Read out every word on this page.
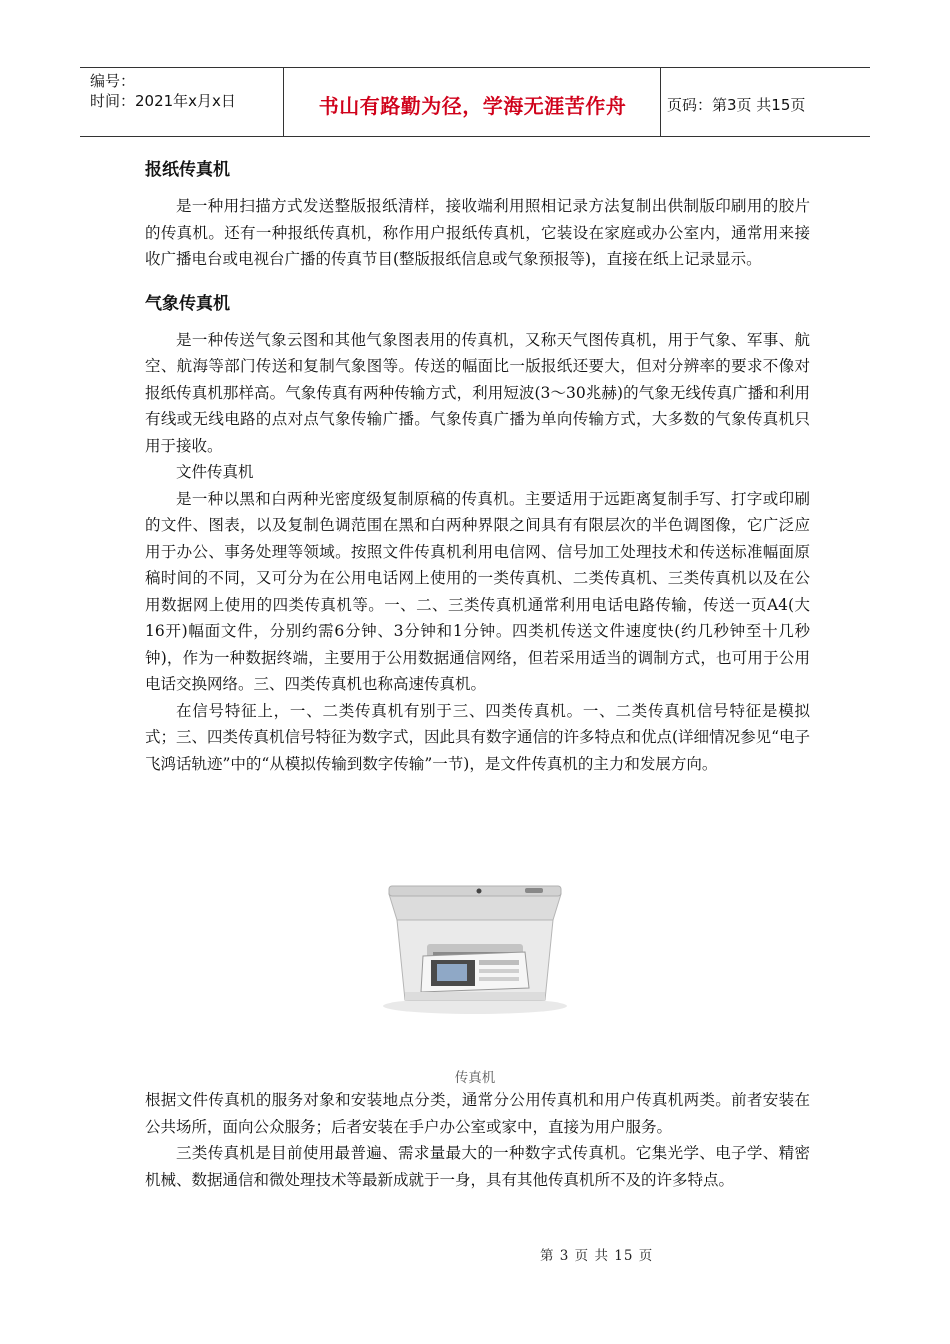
编号：
时间：2021年x月x日	书山有路勤为径，学海无涯苦作舟	页码：第3页 共15页
报纸传真机

是一种用扫描方式发送整版报纸清样，接收端利用照相记录方法复制出供制版印刷用的胶片的传真机。还有一种报纸传真机，称作用户报纸传真机，它装设在家庭或办公室内，通常用来接收广播电台或电视台广播的传真节目(整版报纸信息或气象预报等)，直接在纸上记录显示。

气象传真机

是一种传送气象云图和其他气象图表用的传真机，又称天气图传真机，用于气象、军事、航空、航海等部门传送和复制气象图等。传送的幅面比一版报纸还要大，但对分辨率的要求不像对报纸传真机那样高。气象传真有两种传输方式，利用短波(3～30兆赫)的气象无线传真广播和利用有线或无线电路的点对点气象传输广播。气象传真广播为单向传输方式，大多数的气象传真机只用于接收。

文件传真机

是一种以黑和白两种光密度级复制原稿的传真机。主要适用于远距离复制手写、打字或印刷的文件、图表，以及复制色调范围在黑和白两种界限之间具有有限层次的半色调图像，它广泛应用于办公、事务处理等领域。按照文件传真机利用电信网、信号加工处理技术和传送标准幅面原稿时间的不同，又可分为在公用电话网上使用的一类传真机、二类传真机、三类传真机以及在公用数据网上使用的四类传真机等。一、二、三类传真机通常利用电话电路传输，传送一页A4(大16开)幅面文件，分别约需6分钟、3分钟和1分钟。四类机传送文件速度快(约几秒钟至十几秒钟)，作为一种数据终端，主要用于公用数据通信网络，但若采用适当的调制方式，也可用于公用电话交换网络。三、四类传真机也称高速传真机。

在信号特征上，一、二类传真机有别于三、四类传真机。一、二类传真机信号特征是模拟式；三、四类传真机信号特征为数字式，因此具有数字通信的许多特点和优点(详细情况参见“电子飞鸿话轨迹”中的“从模拟传输到数字传输”一节)，是文件传真机的主力和发展方向。

传真机

根据文件传真机的服务对象和安装地点分类，通常分公用传真机和用户传真机两类。前者安装在公共场所，面向公众服务；后者安装在手户办公室或家中，直接为用户服务。

三类传真机是目前使用最普遍、需求量最大的一种数字式传真机。它集光学、电子学、精密机械、数据通信和微处理技术等最新成就于一身，具有其他传真机所不及的许多特点。

第 3 页 共 15 页
